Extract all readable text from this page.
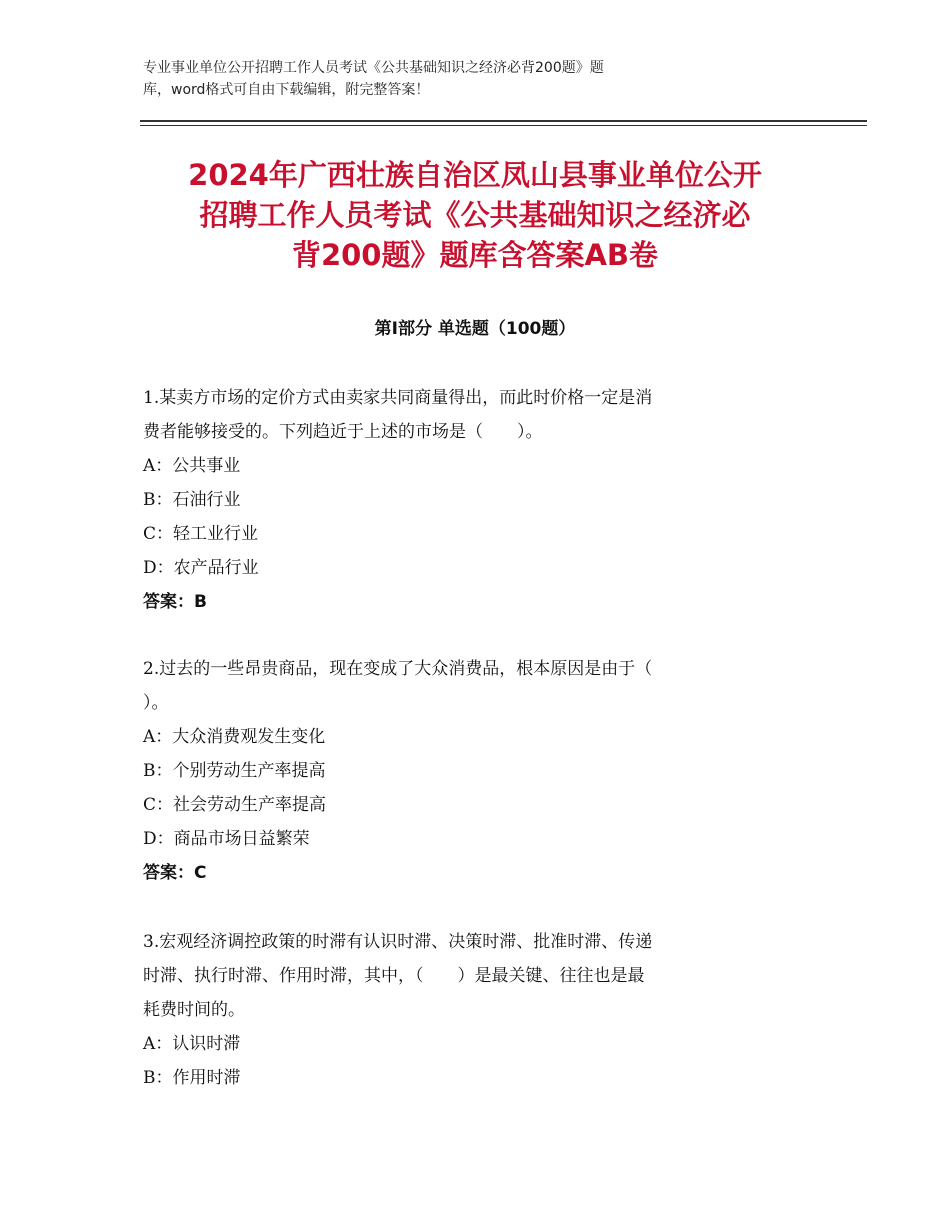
专业事业单位公开招聘工作人员考试《公共基础知识之经济必背200题》题
库，word格式可自由下载编辑，附完整答案！
2024年广西壮族自治区凤山县事业单位公开
招聘工作人员考试《公共基础知识之经济必
背200题》题库含答案AB卷
第Ⅰ部分 单选题（100题）

1.某卖方市场的定价方式由卖家共同商量得出，而此时价格一定是消

费者能够接受的。下列趋近于上述的市场是（　　）。

A：公共事业

B：石油行业

C：轻工业行业

D：农产品行业

答案：B

2.过去的一些昂贵商品，现在变成了大众消费品，根本原因是由于（

）。

A：大众消费观发生变化

B：个别劳动生产率提高

C：社会劳动生产率提高

D：商品市场日益繁荣

答案：C

3.宏观经济调控政策的时滞有认识时滞、决策时滞、批准时滞、传递

时滞、执行时滞、作用时滞，其中，（　　）是最关键、往往也是最

耗费时间的。

A：认识时滞

B：作用时滞
